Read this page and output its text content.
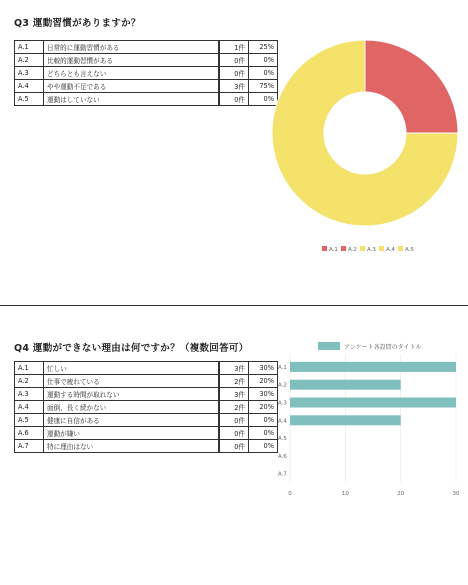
Q3 運動習慣がありますか？
A.1	日常的に運動習慣がある	1件	25%
A.2	比較的運動習慣がある	0件	0%
A.3	どちらとも言えない	0件	0%
A.4	やや運動不足である	3件	75%
A.5	運動はしていない	0件	0%
A.1 A.2 A.3 A.4 A.5
Q4 運動ができない理由は何ですか？（複数回答可）
A.1	忙しい	3件	30%
A.2	仕事で疲れている	2件	20%
A.3	運動する時間が取れない	3件	30%
A.4	面倒、長く続かない	2件	20%
A.5	健康に自信がある	0件	0%
A.6	運動が嫌い	0件	0%
A.7	特に理由はない	0件	0%
アンケート各設問のタイトル
0	10	20	30
A.1
A.2
A.3
A.4
A.5
A.6
A.7
